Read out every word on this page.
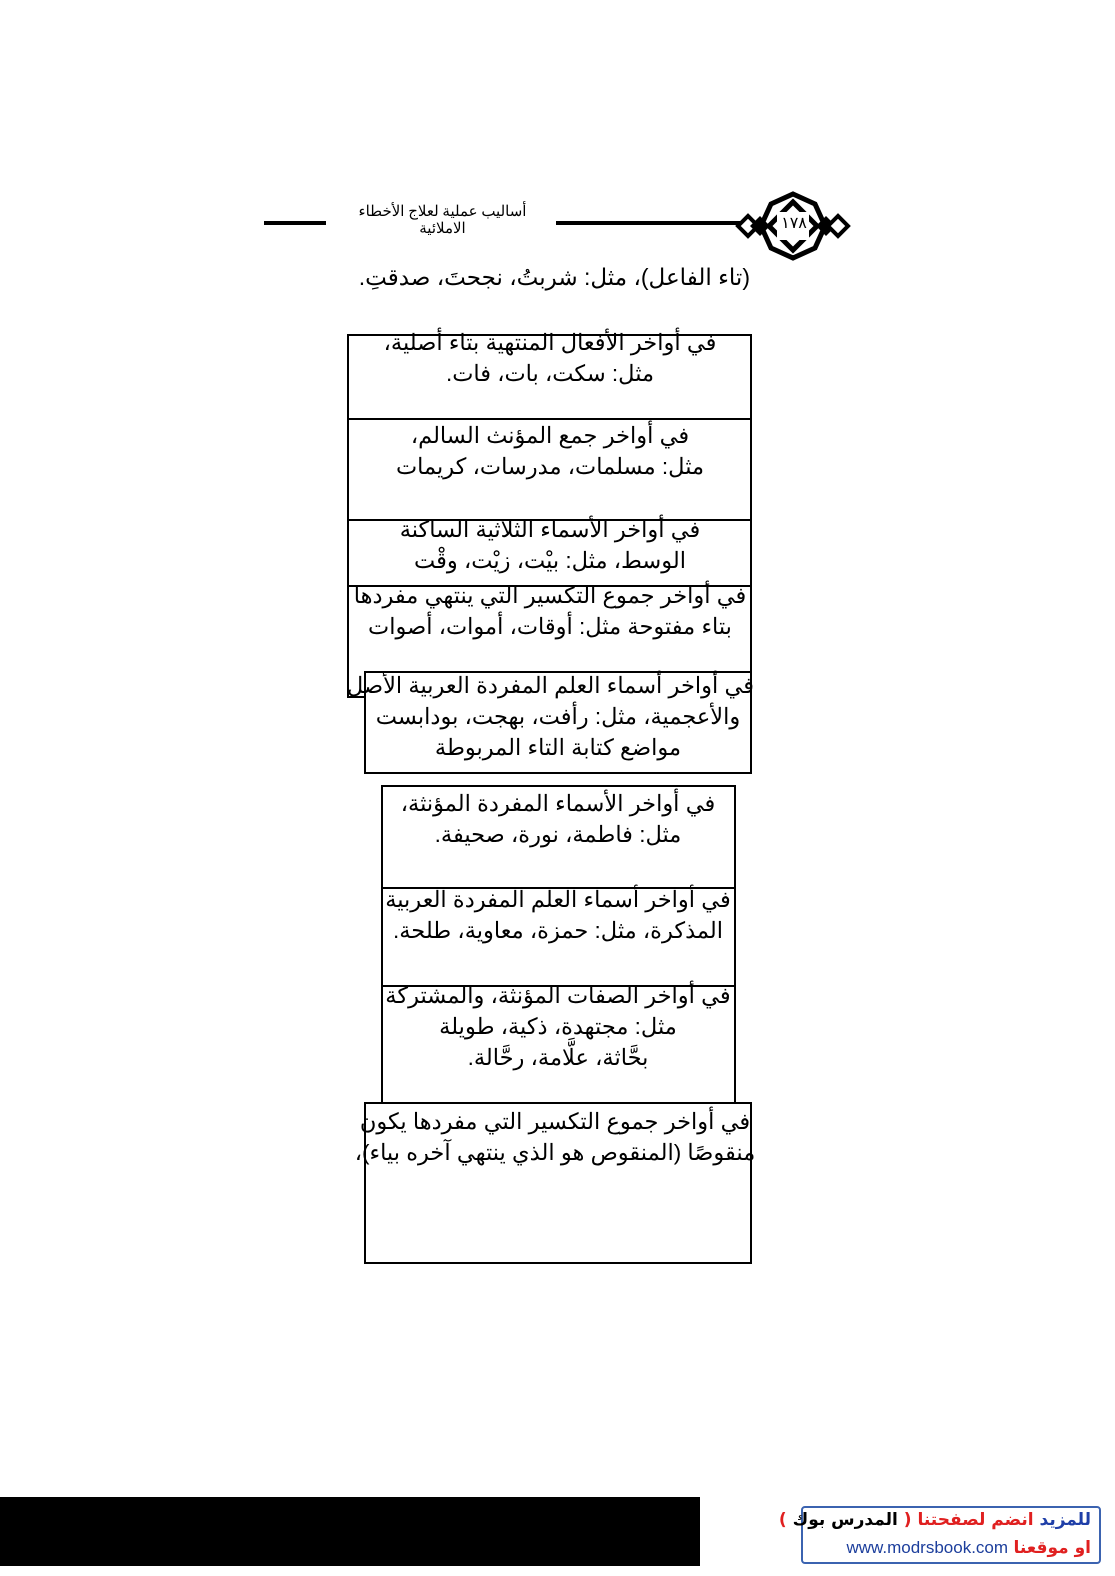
أساليب عملية لعلاج الأخطاء
الاملائية	١٧٨
(تاء الفاعل)، مثل: شربتُ، نجحتَ، صدقتِ.
في أواخر الأفعال المنتهية بتاء أصلية،
مثل: سكت، بات، فات.
في أواخر جمع المؤنث السالم،
مثل: مسلمات، مدرسات، كريمات
في أواخر الأسماء الثلاثية الساكنة
الوسط، مثل: بيْت، زيْت، وقْت
في أواخر جموع التكسير التي ينتهي مفردها
بتاء مفتوحة مثل: أوقات، أموات، أصوات
في أواخر أسماء العلم المفردة العربية الأصل
والأعجمية، مثل: رأفت، بهجت، بودابست
مواضع كتابة التاء المربوطة
في أواخر الأسماء المفردة المؤنثة،
مثل: فاطمة، نورة، صحيفة.
في أواخر أسماء العلم المفردة العربية
المذكرة، مثل: حمزة، معاوية، طلحة.
في أواخر الصفات المؤنثة، والمشتركة
مثل: مجتهدة، ذكية، طويلة
بحَّاثة، علَّامة، رحَّالة.
في أواخر جموع التكسير التي مفردها يكون
منقوصًا (المنقوص هو الذي ينتهي آخره بياء)،
للمزيد انضم لصفحتنا ( المدرس بوك )
او موقعنا www.modrsbook.com
